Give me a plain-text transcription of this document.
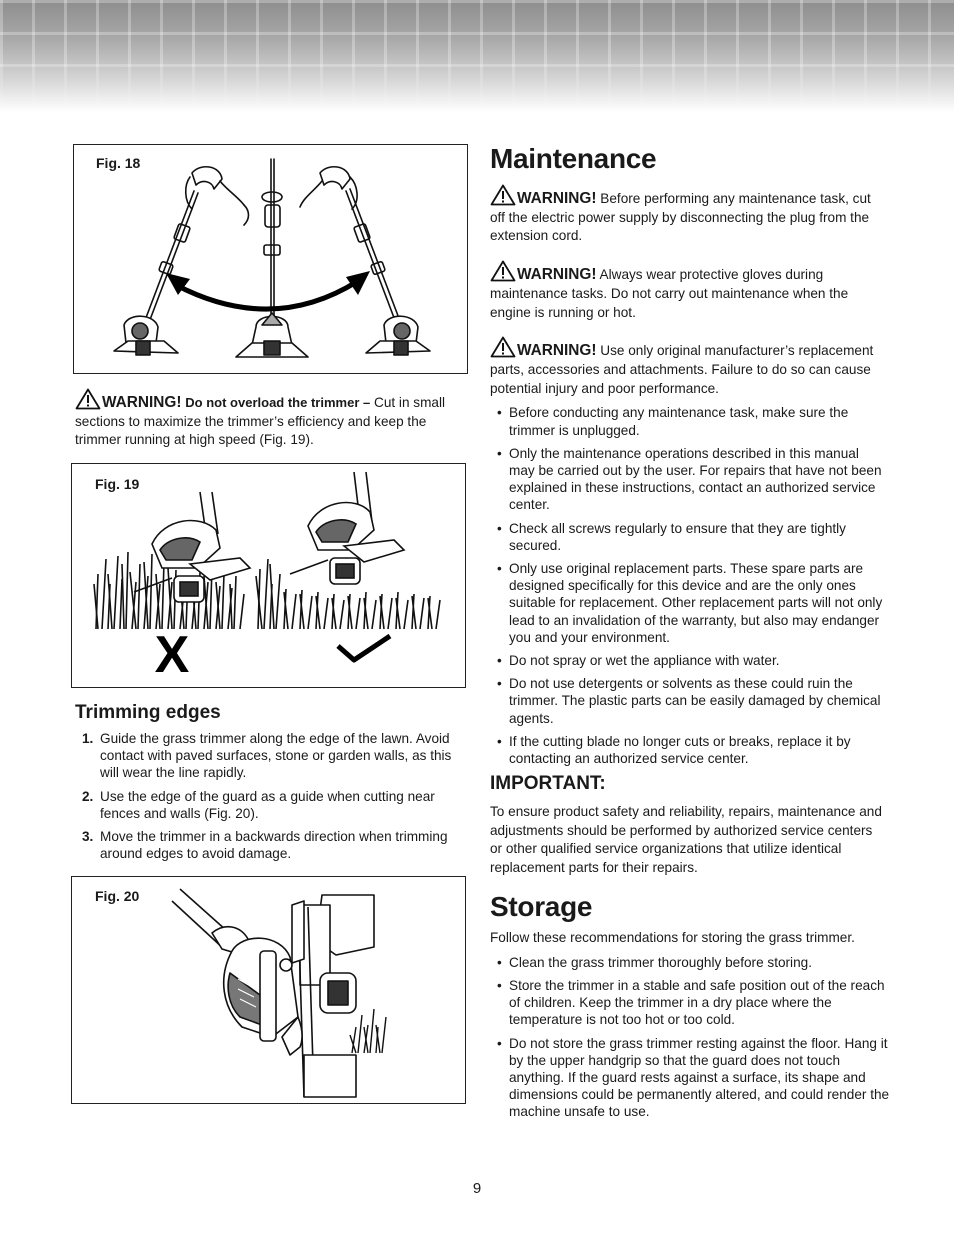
Fig. 18

WARNING! Do not overload the trimmer – Cut in small sections to maximize the trimmer’s efficiency and keep the trimmer running at high speed (Fig. 19).

Fig. 19
X
Trimming edges
1. Guide the grass trimmer along the edge of the lawn. Avoid contact with paved surfaces, stone or garden walls, as this will wear the line rapidly.
2. Use the edge of the guard as a guide when cutting near fences and walls (Fig. 20).
3. Move the trimmer in a backwards direction when trimming around edges to avoid damage.
Fig. 20
Maintenance

WARNING! Before performing any maintenance task, cut off the electric power supply by disconnecting the plug from the extension cord.

WARNING! Always wear protective gloves during maintenance tasks. Do not carry out maintenance when the engine is running or hot.

WARNING! Use only original manufacturer’s replacement parts, accessories and attachments. Failure to do so can cause potential injury and poor performance.

• Before conducting any maintenance task, make sure the trimmer is unplugged.
• Only the maintenance operations described in this manual may be carried out by the user. For repairs that have not been explained in these instructions, contact an authorized service center.
• Check all screws regularly to ensure that they are tightly secured.
• Only use original replacement parts. These spare parts are designed specifically for this device and are the only ones suitable for replacement. Other replacement parts will not only lead to an invalidation of the warranty, but also may endanger you and your environment.
• Do not spray or wet the appliance with water.
• Do not use detergents or solvents as these could ruin the trimmer. The plastic parts can be easily damaged by chemical agents.
• If the cutting blade no longer cuts or breaks, replace it by contacting an authorized service center.
IMPORTANT:

To ensure product safety and reliability, repairs, maintenance and adjustments should be performed by authorized service centers or other qualified service organizations that utilize identical replacement parts for their repairs.

Storage

Follow these recommendations for storing the grass trimmer.

• Clean the grass trimmer thoroughly before storing.
• Store the trimmer in a stable and safe position out of the reach of children. Keep the trimmer in a dry place where the temperature is not too hot or too cold.
• Do not store the grass trimmer resting against the floor. Hang it by the upper handgrip so that the guard does not touch anything. If the guard rests against a surface, its shape and dimensions could be permanently altered, and could render the machine unsafe to use.
9
